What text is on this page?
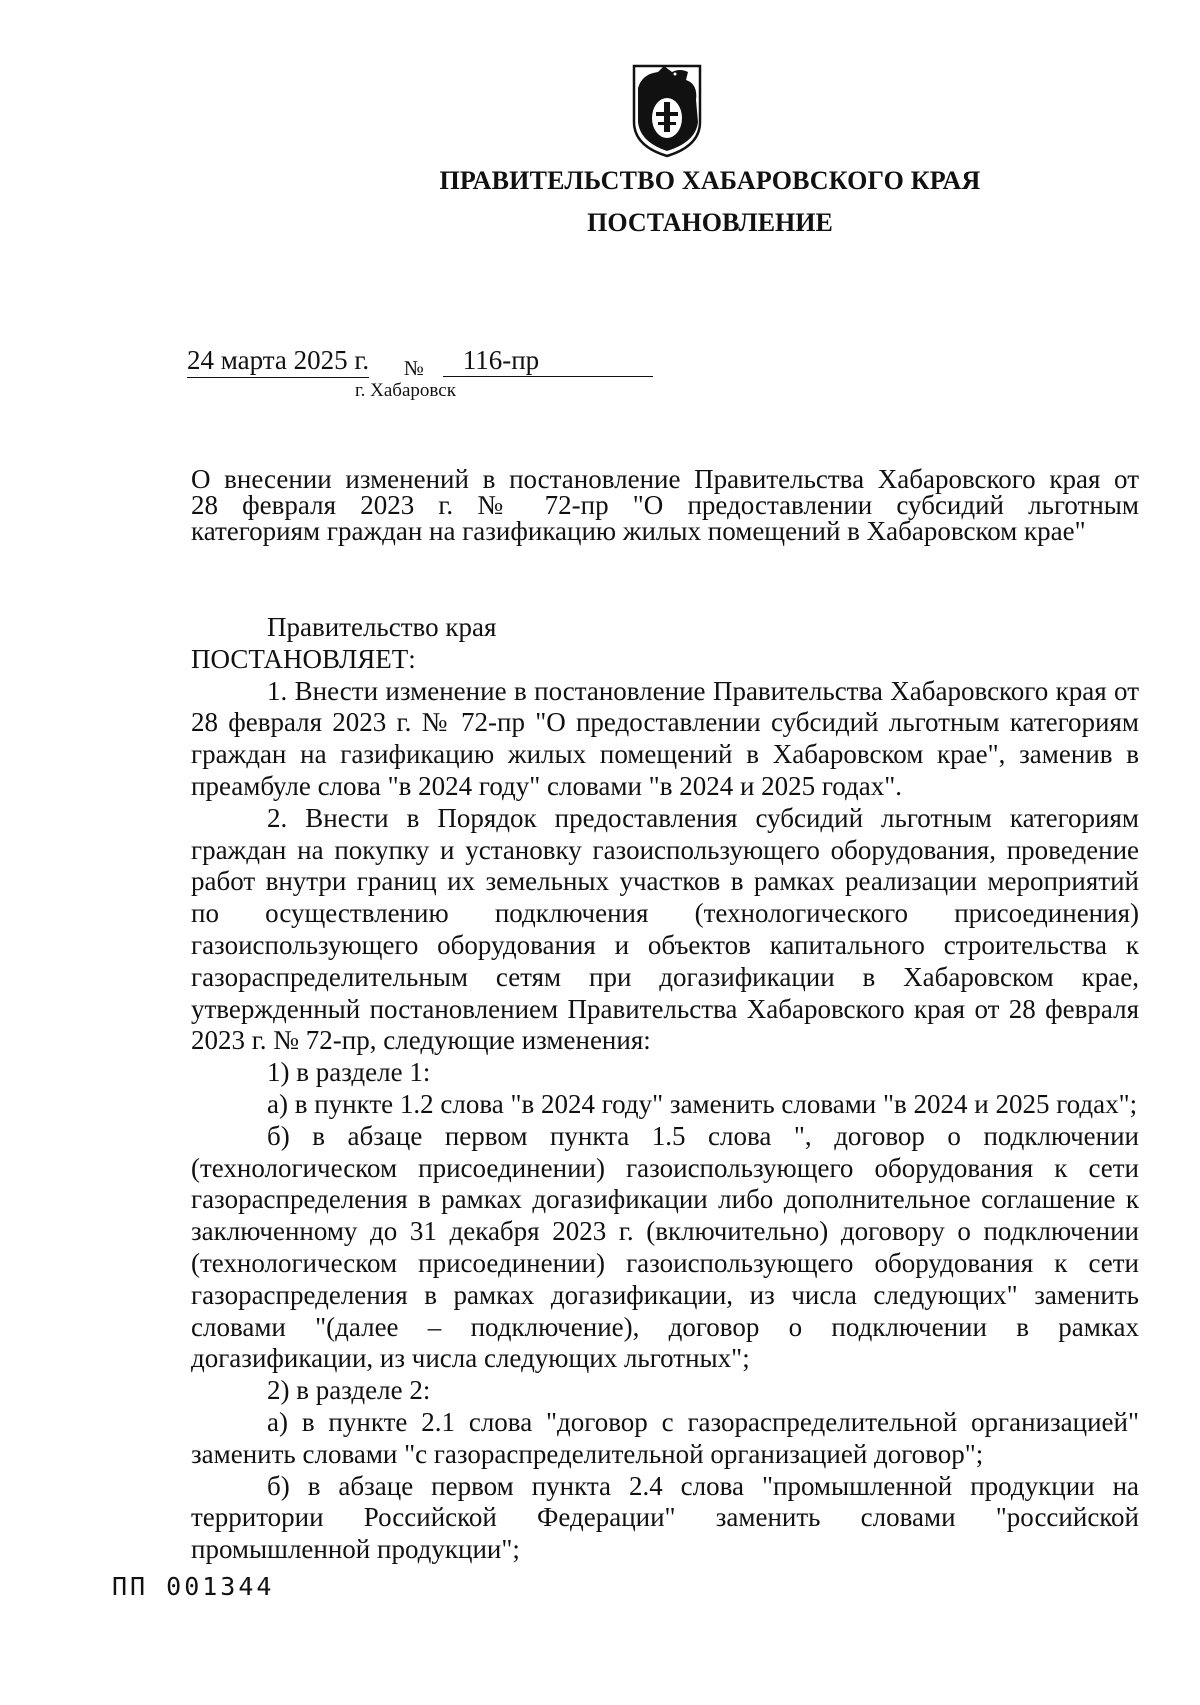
ПРАВИТЕЛЬСТВО ХАБАРОВСКОГО КРАЯ
ПОСТАНОВЛЕНИЕ
24 марта 2025 г. № 116-пр
г. Хабаровск
О внесении изменений в постановление Правительства Хабаровского края от
28 февраля 2023 г. № 72-пр "О предоставлении субсидий льготным
категориям граждан на газификацию жилых помещений в Хабаровском крае"

Правительство края

ПОСТАНОВЛЯЕТ:

1. Внести изменение в постановление Правительства Хабаровского края от 28 февраля 2023 г. № 72-пр "О предоставлении субсидий льготным категориям граждан на газификацию жилых помещений в Хабаровском крае", заменив в преамбуле слова "в 2024 году" словами "в 2024 и 2025 годах".

2. Внести в Порядок предоставления субсидий льготным категориям граждан на покупку и установку газоиспользующего оборудования, проведение работ внутри границ их земельных участков в рамках реализации мероприятий по осуществлению подключения (технологического присоединения) газоиспользующего оборудования и объектов капитального строительства к газораспределительным сетям при догазификации в Хабаровском крае, утвержденный постановлением Правительства Хабаровского края от 28 февраля 2023 г. № 72-пр, следующие изменения:

1) в разделе 1:

а) в пункте 1.2 слова "в 2024 году" заменить словами "в 2024 и 2025 годах";

б) в абзаце первом пункта 1.5 слова ", договор о подключении (технологическом присоединении) газоиспользующего оборудования к сети газораспределения в рамках догазификации либо дополнительное соглашение к заключенному до 31 декабря 2023 г. (включительно) договору о подключении (технологическом присоединении) газоиспользующего оборудования к сети газораспределения в рамках догазификации, из числа следующих" заменить словами "(далее – подключение), договор о подключении в рамках догазификации, из числа следующих льготных";

2) в разделе 2:

а) в пункте 2.1 слова "договор с газораспределительной организацией" заменить словами "с газораспределительной организацией договор";

б) в абзаце первом пункта 2.4 слова "промышленной продукции на территории Российской Федерации" заменить словами "российской промышленной продукции";

ПП 001344
